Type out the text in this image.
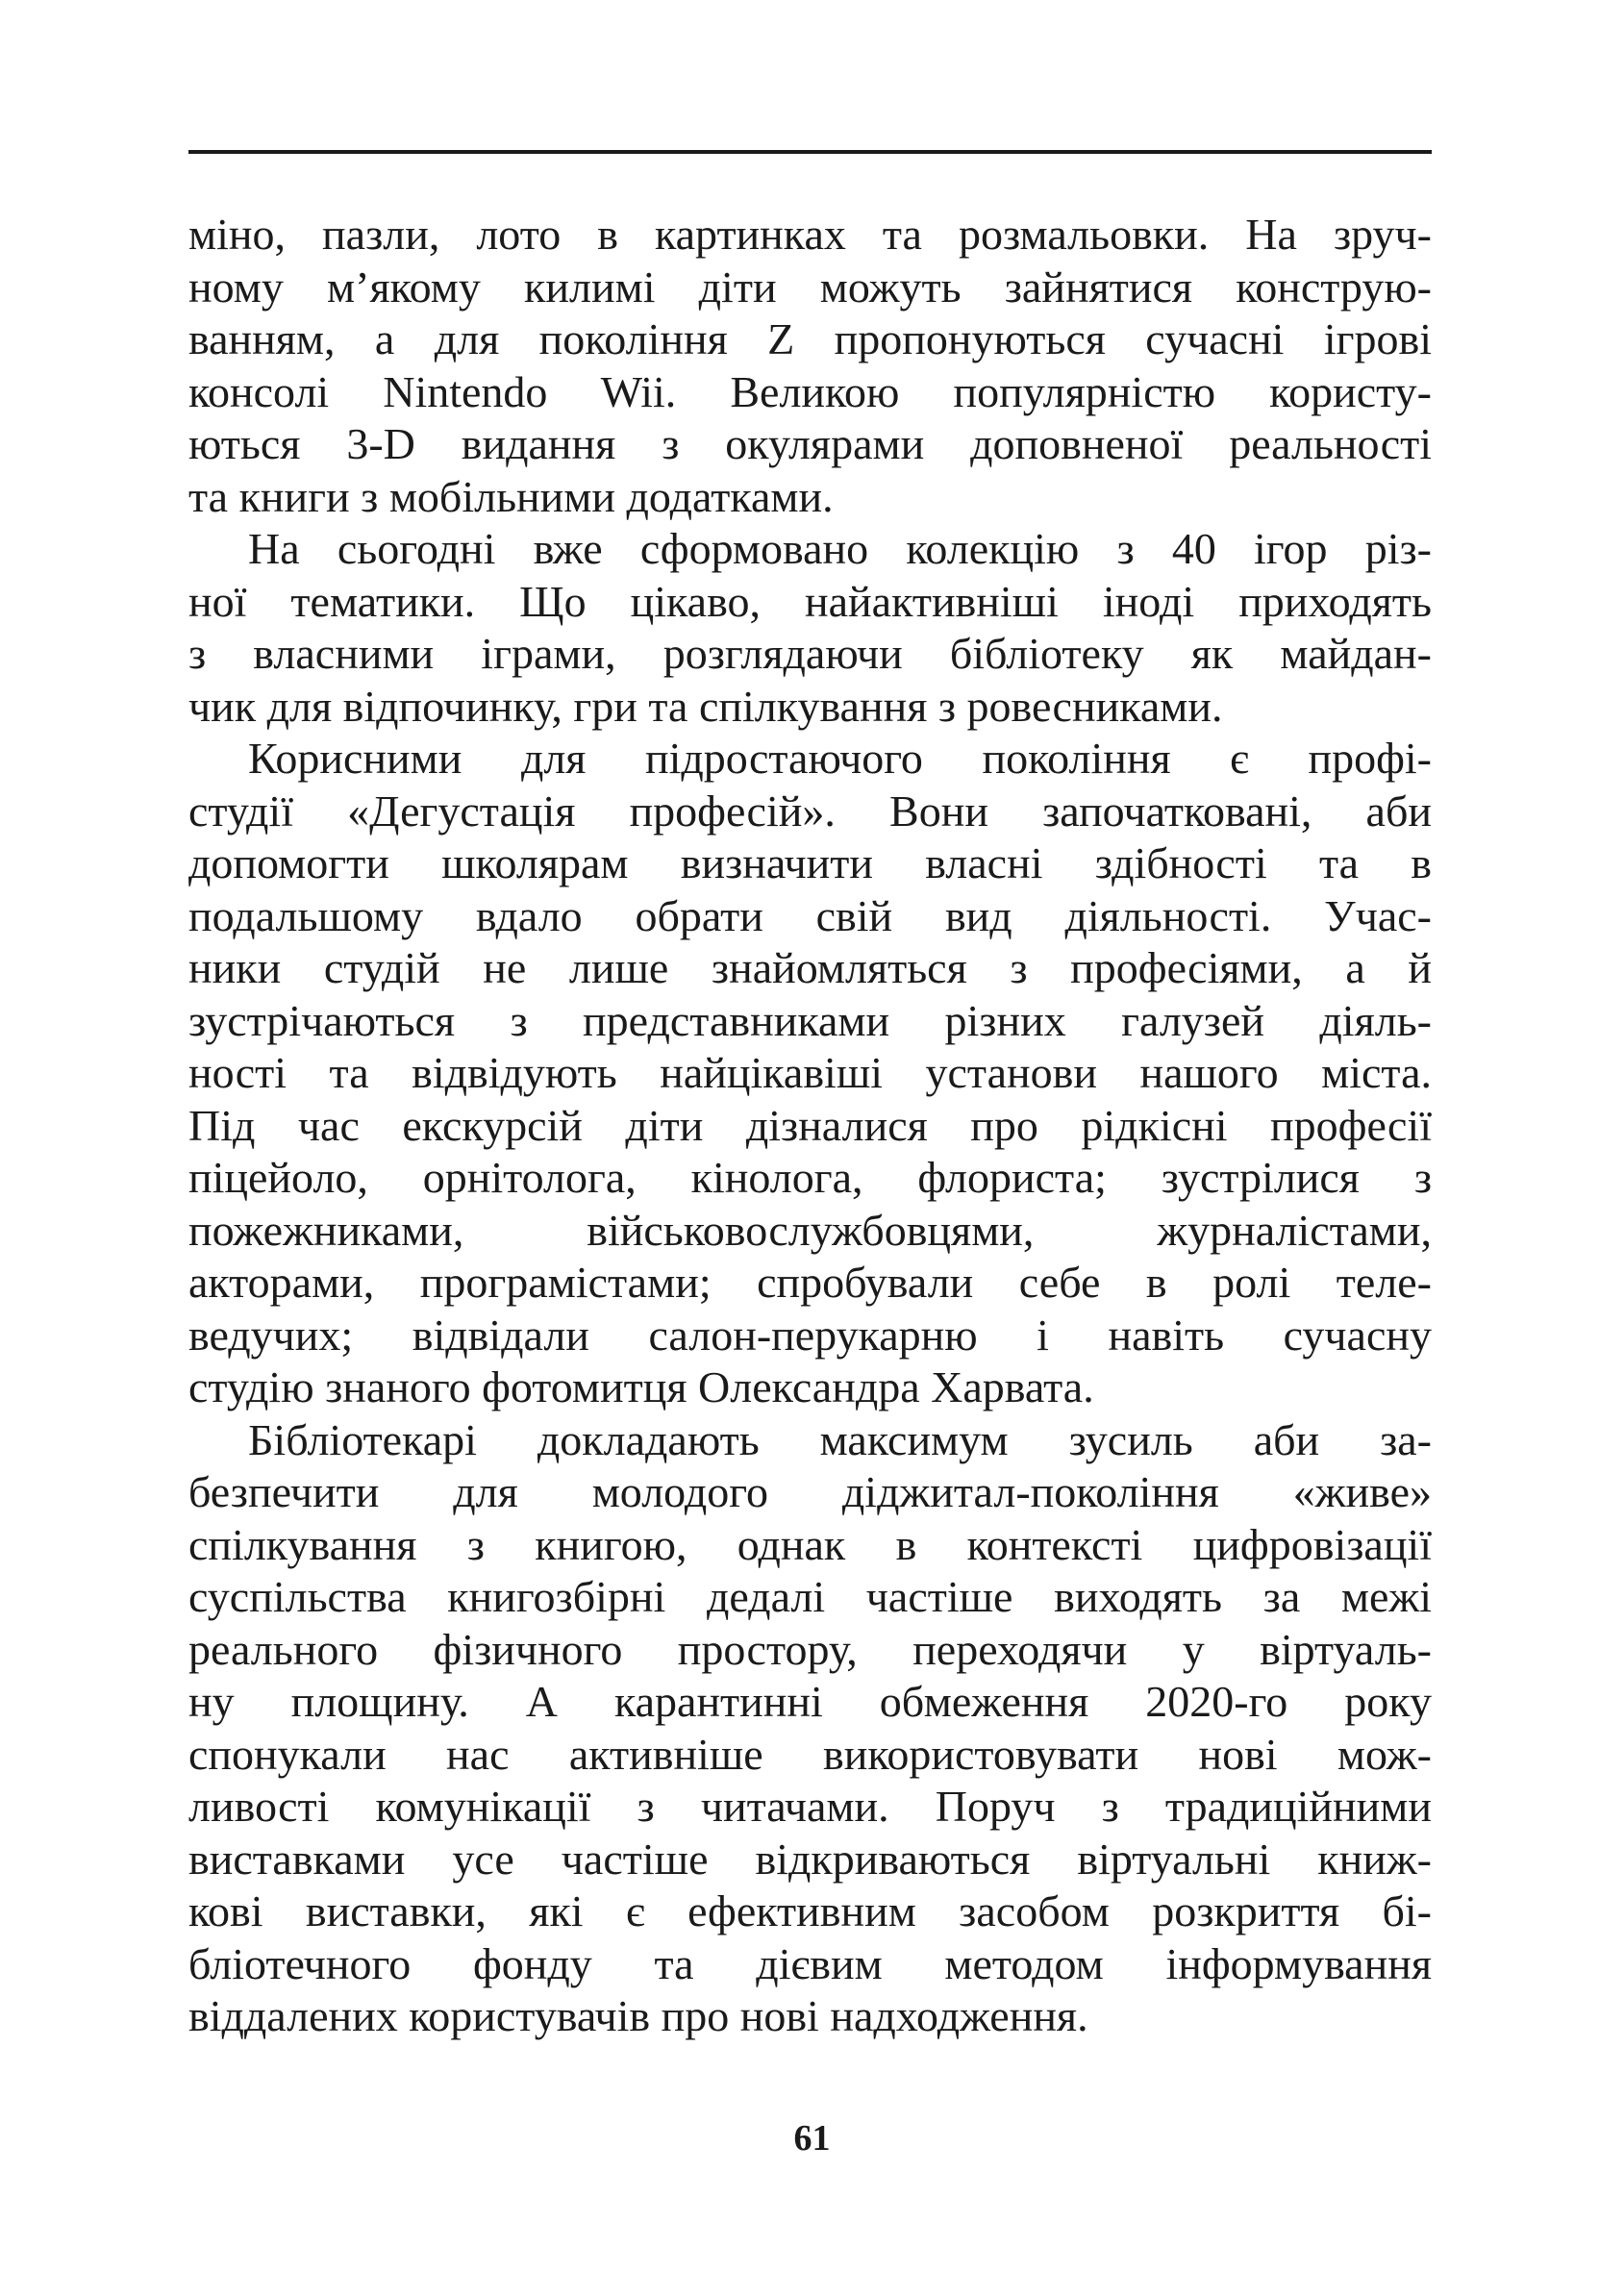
міно, пазли, лото в картинках та розмальовки. На зруч-
ному м’якому килимі діти можуть зайнятися конструю-
ванням, а для покоління Z пропонуються сучасні ігрові
консолі Nintendo Wii. Великою популярністю користу-
ються 3-D видання з окулярами доповненої реальності
та книги з мобільними додатками.
На сьогодні вже сформовано колекцію з 40 ігор різ-
ної тематики. Що цікаво, найактивніші іноді приходять
з власними іграми, розглядаючи бібліотеку як майдан-
чик для відпочинку, гри та спілкування з ровесниками.
Корисними для підростаючого покоління є профі-
студії «Дегустація професій». Вони започатковані, аби
допомогти школярам визначити власні здібності та в
подальшому вдало обрати свій вид діяльності. Учас-
ники студій не лише знайомляться з професіями, а й
зустрічаються з представниками різних галузей діяль-
ності та відвідують найцікавіші установи нашого міста.
Під час екскурсій діти дізналися про рідкісні професії
піцейоло, орнітолога, кінолога, флориста; зустрілися з
пожежниками, військовослужбовцями, журналістами,
акторами, програмістами; спробували себе в ролі теле-
ведучих; відвідали салон-перукарню і навіть сучасну
студію знаного фотомитця Олександра Харвата.
Бібліотекарі докладають максимум зусиль аби за-
безпечити для молодого діджитал-покоління «живе»
спілкування з книгою, однак в контексті цифровізації
суспільства книгозбірні дедалі частіше виходять за межі
реального фізичного простору, переходячи у віртуаль-
ну площину. А карантинні обмеження 2020-го року
спонукали нас активніше використовувати нові мож-
ливості комунікації з читачами. Поруч з традиційними
виставками усе частіше відкриваються віртуальні книж-
кові виставки, які є ефективним засобом розкриття бі-
бліотечного фонду та дієвим методом інформування
віддалених користувачів про нові надходження.
61
